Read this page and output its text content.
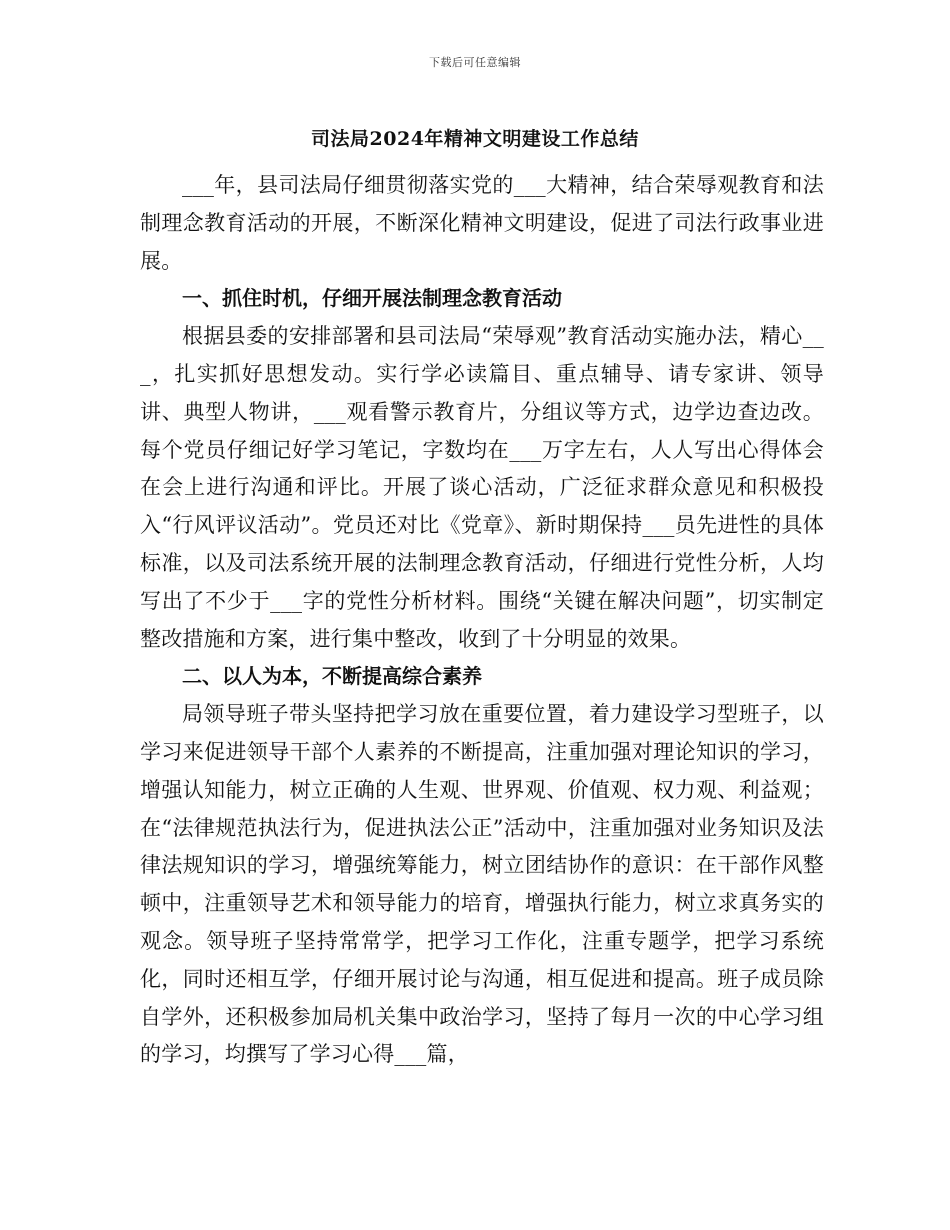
下载后可任意编辑
司法局2024年精神文明建设工作总结

___年，县司法局仔细贯彻落实党的___大精神，结合荣辱观教育和法制理念教育活动的开展，不断深化精神文明建设，促进了司法行政事业进展。

一、抓住时机，仔细开展法制理念教育活动

根据县委的安排部署和县司法局“荣辱观”教育活动实施办法，精心___，扎实抓好思想发动。实行学必读篇目、重点辅导、请专家讲、领导讲、典型人物讲，___观看警示教育片，分组议等方式，边学边查边改。每个党员仔细记好学习笔记，字数均在___万字左右，人人写出心得体会在会上进行沟通和评比。开展了谈心活动，广泛征求群众意见和积极投入“行风评议活动”。党员还对比《党章》、新时期保持___员先进性的具体标准，以及司法系统开展的法制理念教育活动，仔细进行党性分析，人均写出了不少于___字的党性分析材料。围绕“关键在解决问题”，切实制定整改措施和方案，进行集中整改，收到了十分明显的效果。

二、以人为本，不断提高综合素养

局领导班子带头坚持把学习放在重要位置，着力建设学习型班子，以学习来促进领导干部个人素养的不断提高，注重加强对理论知识的学习，增强认知能力，树立正确的人生观、世界观、价值观、权力观、利益观；在“法律规范执法行为，促进执法公正”活动中，注重加强对业务知识及法律法规知识的学习，增强统筹能力，树立团结协作的意识：在干部作风整顿中，注重领导艺术和领导能力的培育，增强执行能力，树立求真务实的观念。领导班子坚持常常学，把学习工作化，注重专题学，把学习系统化，同时还相互学，仔细开展讨论与沟通，相互促进和提高。班子成员除自学外，还积极参加局机关集中政治学习，坚持了每月一次的中心学习组的学习，均撰写了学习心得___篇，
